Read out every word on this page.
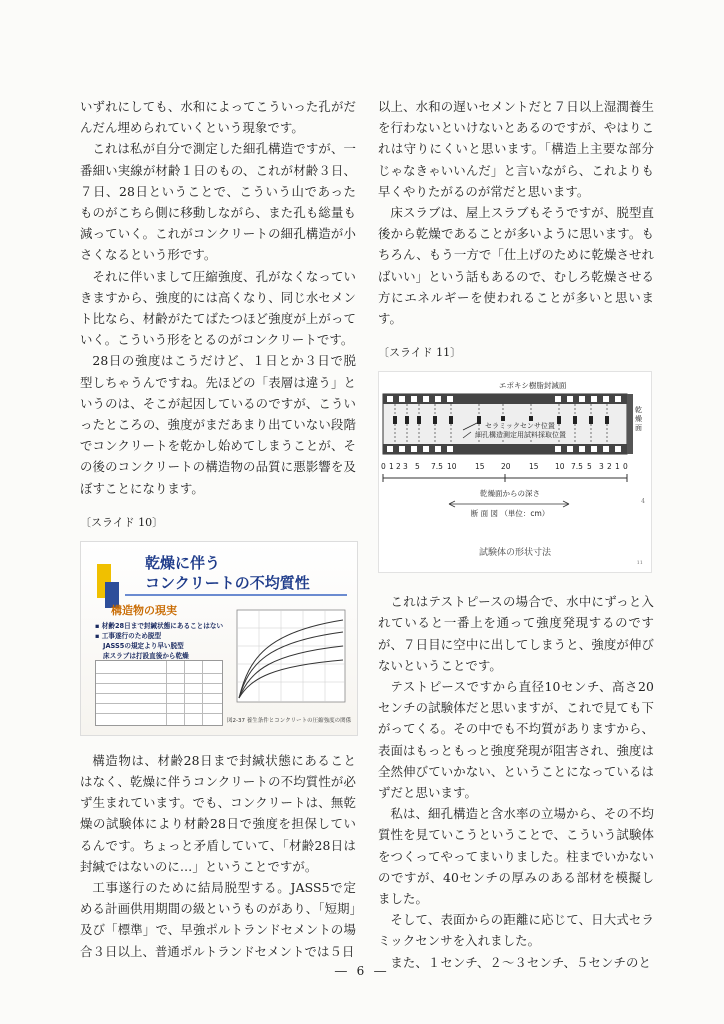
いずれにしても、水和によってこういった孔がだんだん埋められていくという現象です。

これは私が自分で測定した細孔構造ですが、一番細い実線が材齢１日のもの、これが材齢３日、７日、28日ということで、こういう山であったものがこちら側に移動しながら、また孔も総量も減っていく。これがコンクリートの細孔構造が小さくなるという形です。

それに伴いまして圧縮強度、孔がなくなっていきますから、強度的には高くなり、同じ水セメント比なら、材齢がたてばたつほど強度が上がっていく。こういう形をとるのがコンクリートです。

28日の強度はこうだけど、１日とか３日で脱型しちゃうんですね。先ほどの「表層は違う」というのは、そこが起因しているのですが、こういったところの、強度がまだあまり出ていない段階でコンクリートを乾かし始めてしまうことが、その後のコンクリートの構造物の品質に悪影響を及ぼすことになります。

〔スライド 10〕
乾燥に伴う
コンクリートの不均質性
構造物の現実
▪ 材齢28日まで封緘状態にあることはない
▪ 工事遂行のため脱型
JASS5の規定より早い脱型
床スラブは打設直後から乾燥
図2-37 養生条件とコンクリートの圧縮強度の関係

構造物は、材齢28日まで封緘状態にあることはなく、乾燥に伴うコンクリートの不均質性が必ず生まれています。でも、コンクリートは、無乾燥の試験体により材齢28日で強度を担保しているんです。ちょっと矛盾していて、「材齢28日は封緘ではないのに…」ということですが。

工事遂行のために結局脱型する。JASS5で定める計画供用期間の級というものがあり、「短期」及び「標準」で、早強ポルトランドセメントの場合３日以上、普通ポルトランドセメントでは５日

以上、水和の遅いセメントだと７日以上湿潤養生を行わないといけないとあるのですが、やはりこれは守りにくいと思います。「構造上主要な部分じゃなきゃいいんだ」と言いながら、これよりも早くやりたがるのが常だと思います。

床スラブは、屋上スラブもそうですが、脱型直後から乾燥であることが多いように思います。もちろん、もう一方で「仕上げのために乾燥させればいい」という話もあるので、むしろ乾燥させる方にエネルギーを使われることが多いと思います。

〔スライド 11〕
エポキシ樹脂封減面
セラミックセンサ位置
細孔構造測定用試料採取位置
乾燥面
0 1 2 3 5 7.5 10 15 20 15 10 7.5 5 3 2 1 0
乾燥面からの深さ
断 面 図 （単位：cm）
4
試験体の形状寸法
11

これはテストピースの場合で、水中にずっと入れていると一番上を通って強度発現するのですが、７日目に空中に出してしまうと、強度が伸びないということです。

テストピースですから直径10センチ、高さ20センチの試験体だと思いますが、これで見ても下がってくる。その中でも不均質がありますから、表面はもっともっと強度発現が阻害され、強度は全然伸びていかない、ということになっているはずだと思います。

私は、細孔構造と含水率の立場から、その不均質性を見ていこうということで、こういう試験体をつくってやってまいりました。柱までいかないのですが、40センチの厚みのある部材を模擬しました。

そして、表面からの距離に応じて、日大式セラミックセンサを入れました。

また、１センチ、２～３センチ、５センチのと

― 6 ―
